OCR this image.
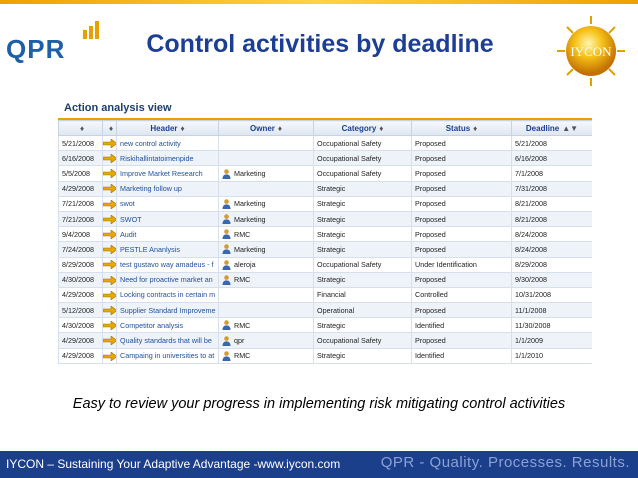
QPR	Control activities by deadline	IYCON
Action analysis view
♦	♦	Header ♦	Owner ♦	Category ♦	Status ♦	Deadline ▲▼
5/21/2008		new control activity		Occupational Safety	Proposed	5/21/2008
6/16/2008		Riskihallintatoimenpide		Occupational Safety	Proposed	6/16/2008
5/5/2008		Improve Market Research	Marketing	Occupational Safety	Proposed	7/1/2008
4/29/2008		Marketing follow up		Strategic	Proposed	7/31/2008
7/21/2008		swot	Marketing	Strategic	Proposed	8/21/2008
7/21/2008		SWOT	Marketing	Strategic	Proposed	8/21/2008
9/4/2008		Audit	RMC	Strategic	Proposed	8/24/2008
7/24/2008		PESTLE Ananlysis	Marketing	Strategic	Proposed	8/24/2008
8/29/2008		test gustavo way amadeus - f	aleroja	Occupational Safety	Under Identification	8/29/2008
4/30/2008		Need for proactive market an	RMC	Strategic	Proposed	9/30/2008
4/29/2008		Locking contracts in certain m		Financial	Controlled	10/31/2008
5/12/2008		Supplier Standard Improveme		Operational	Proposed	11/1/2008
4/30/2008		Competitor analysis	RMC	Strategic	Identified	11/30/2008
4/29/2008		Quality standards that will be	qpr	Occupational Safety	Proposed	1/1/2009
4/29/2008		Campaing in universities to at	RMC	Strategic	Identified	1/1/2010
Easy to review your progress in implementing risk mitigating control activities
IYCON – Sustaining Your Adaptive Advantage -www.iycon.com	QPR - Quality. Processes. Results.
